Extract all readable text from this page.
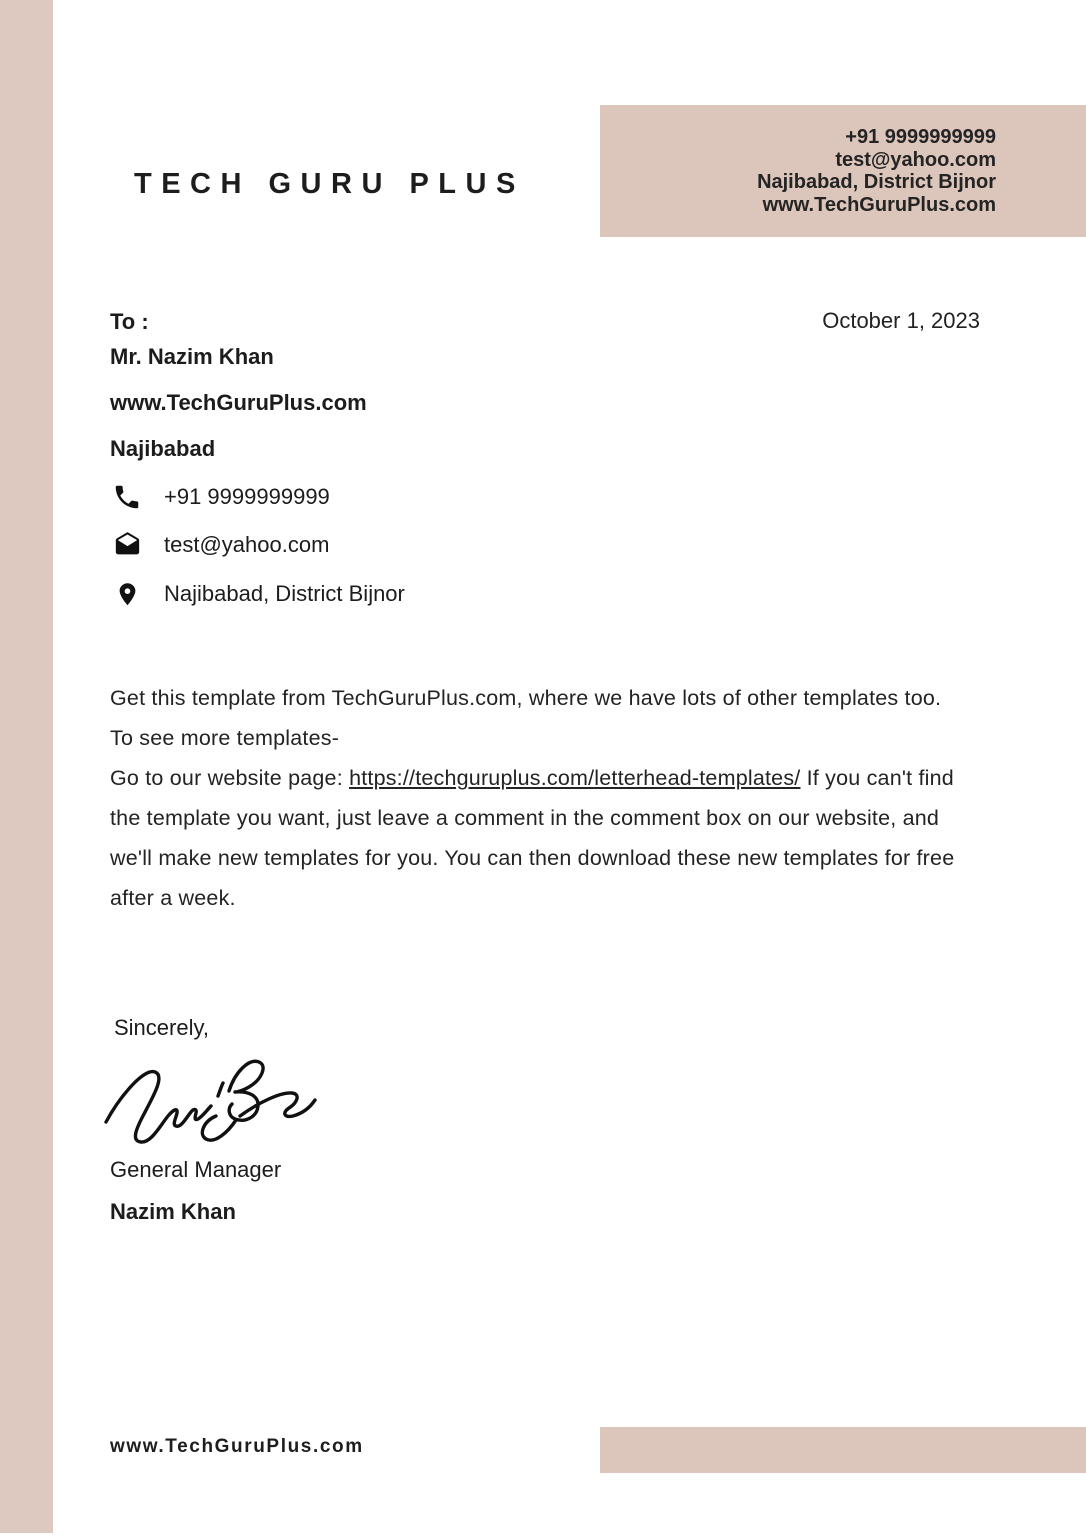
TECH GURU PLUS
+91 9999999999
test@yahoo.com
Najibabad, District Bijnor
www.TechGuruPlus.com
October 1, 2023
To :
Mr. Nazim Khan
www.TechGuruPlus.com
Najibabad
+91 9999999999
test@yahoo.com
Najibabad, District Bijnor
Get this template from TechGuruPlus.com, where we have lots of other templates too.
To see more templates-
Go to our website page: https://techguruplus.com/letterhead-templates/ If you can't find
the template you want, just leave a comment in the comment box on our website, and
we'll make new templates for you. You can then download these new templates for free
after a week.
Sincerely,
General Manager
Nazim Khan
www.TechGuruPlus.com
